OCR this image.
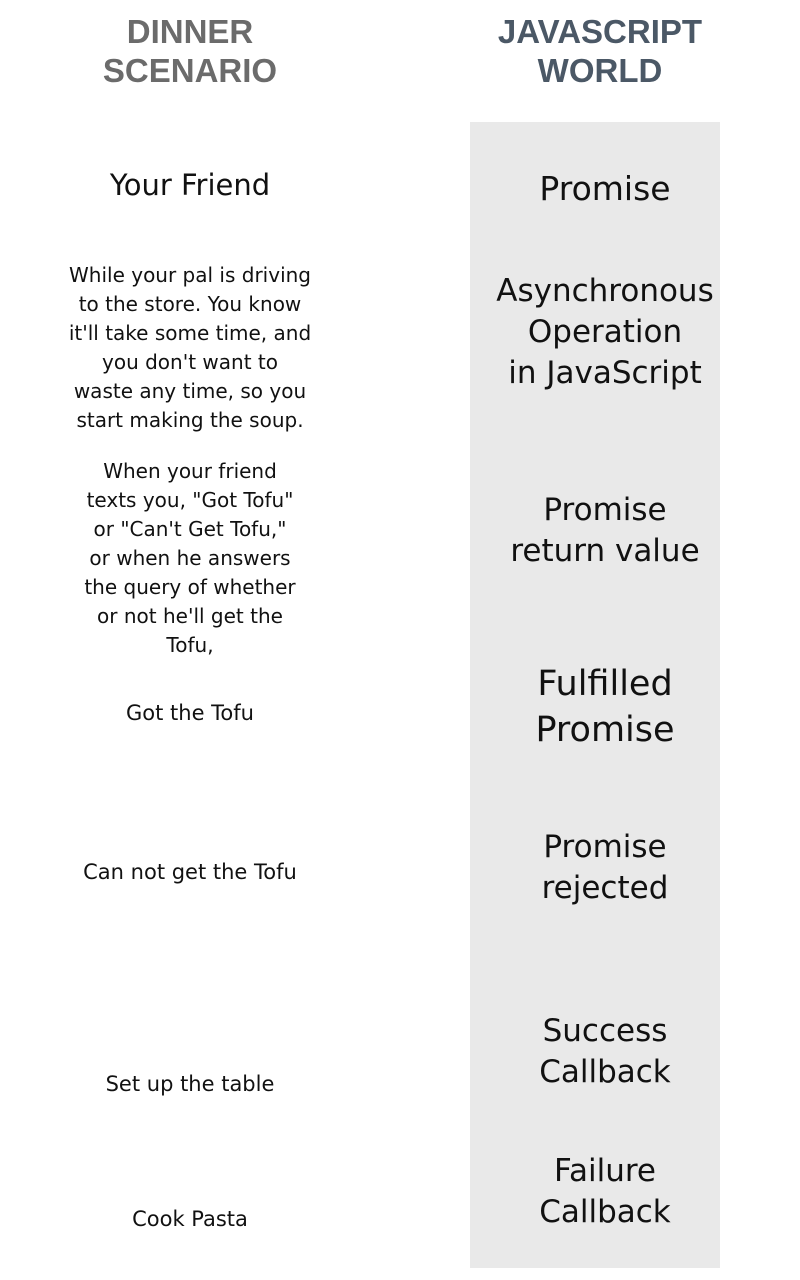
DINNER
SCENARIO
JAVASCRIPT
WORLD
Your Friend	Promise
While your pal is driving
to the store. You know
it'll take some time, and
you don't want to
waste any time, so you
start making the soup.
Asynchronous
Operation
in JavaScript
When your friend
texts you, "Got Tofu"
or "Can't Get Tofu,"
or when he answers
the query of whether
or not he'll get the
Tofu,
Promise
return value
Got the Tofu
Fulfilled
Promise
Can not get the Tofu
Promise
rejected
Set up the table
Success
Callback
Cook Pasta
Failure
Callback
